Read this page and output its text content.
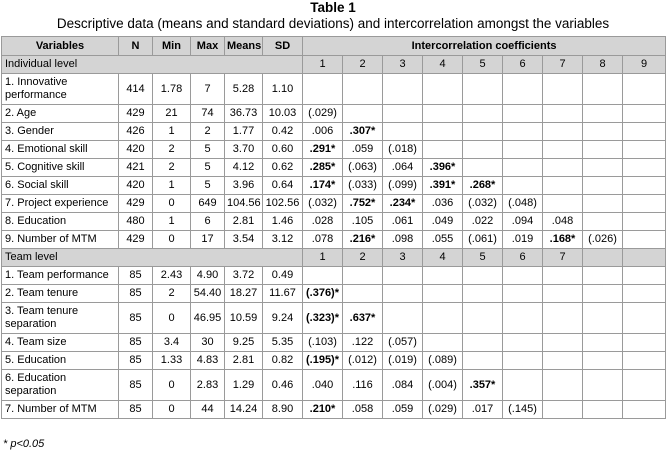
Table 1
Descriptive data (means and standard deviations) and intercorrelation amongst the variables
Variables	N	Min	Max	Means	SD	Intercorrelation coefficients								
Individual level						1	2	3	4	5	6	7	8	9
1. Innovative performance	414	1.78	7	5.28	1.10									
2. Age	429	21	74	36.73	10.03	(.029)								
3. Gender	426	1	2	1.77	0.42	.006	.307*							
4. Emotional skill	420	2	5	3.70	0.60	.291*	.059	(.018)						
5. Cognitive skill	421	2	5	4.12	0.62	.285*	(.063)	.064	.396*					
6. Social skill	420	1	5	3.96	0.64	.174*	(.033)	(.099)	.391*	.268*				
7. Project experience	429	0	649	104.56	102.56	(.032)	.752*	.234*	.036	(.032)	(.048)			
8. Education	480	1	6	2.81	1.46	.028	.105	.061	.049	.022	.094	.048		
9. Number of MTM	429	0	17	3.54	3.12	.078	.216*	.098	.055	(.061)	.019	.168*	(.026)	
Team level						1	2	3	4	5	6	7		
1. Team performance	85	2.43	4.90	3.72	0.49									
2. Team tenure	85	2	54.40	18.27	11.67	(.376)*								
3. Team tenure separation	85	0	46.95	10.59	9.24	(.323)*	.637*							
4. Team size	85	3.4	30	9.25	5.35	(.103)	.122	(.057)						
5. Education	85	1.33	4.83	2.81	0.82	(.195)*	(.012)	(.019)	(.089)					
6. Education separation	85	0	2.83	1.29	0.46	.040	.116	.084	(.004)	.357*				
7. Number of MTM	85	0	44	14.24	8.90	.210*	.058	.059	(.029)	.017	(.145)			
* p<0.05
